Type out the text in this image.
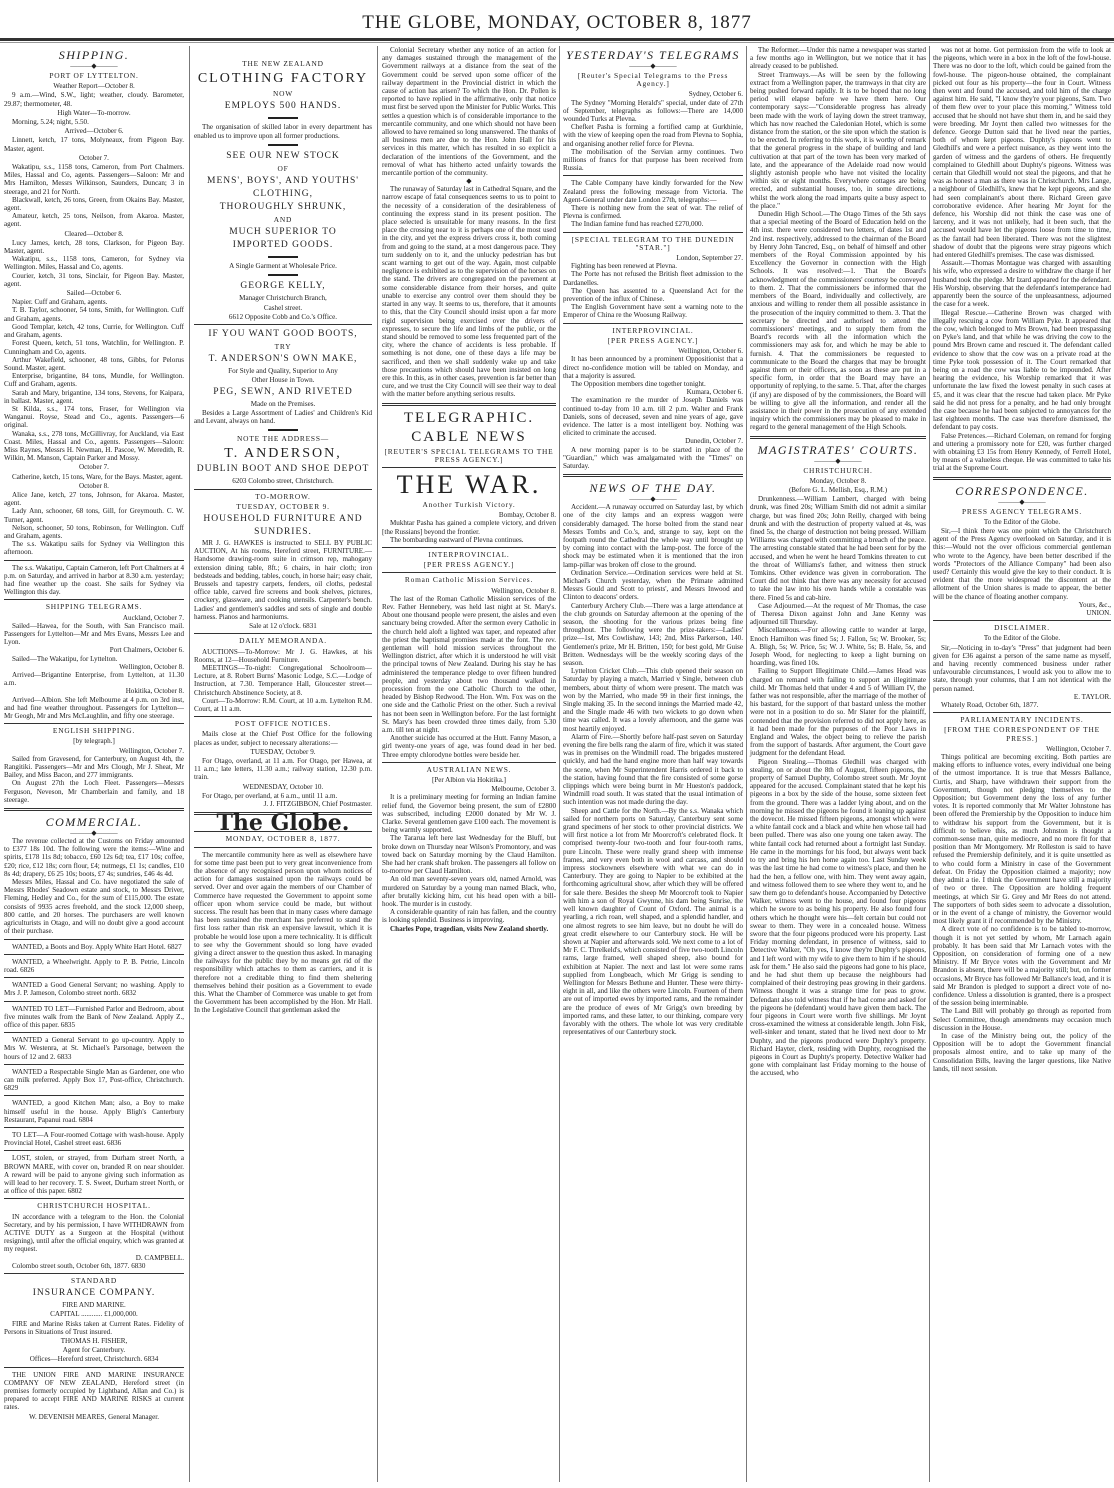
THE GLOBE, MONDAY, OCTOBER 8, 1877
SHIPPING.
———◆———
PORT OF LYTTELTON.
Weather Report—October 8.
9 a.m.—Wind, S.W., light; weather, cloudy. Barometer, 29.87; thermometer, 48.
High Water—To-morrow.
Morning, 5.24; night, 5.50.
Arrived—October 6.
Linnett, ketch, 17 tons, Molyneaux, from Pigeon Bay. Master, agent.
October 7.
Wakatipu, s.s., 1158 tons, Cameron, from Port Chalmers. Miles, Hassal and Co, agents. Passengers—Saloon: Mr and Mrs Hamilton, Messrs Wilkinson, Saunders, Duncan; 3 in steerage, and 21 for North.
Blackwall, ketch, 26 tons, Green, from Okains Bay. Master, agent.
Amateur, ketch, 25 tons, Neilson, from Akaroa. Master, agent.
Cleared—October 8.
Lucy James, ketch, 28 tons, Clarkson, for Pigeon Bay. Master, agent.
Wakatipu, s.s., 1158 tons, Cameron, for Sydney via Wellington. Miles, Hassal and Co, agents.
Courier, ketch, 31 tons, Sinclair, for Pigeon Bay. Master, agent.
Sailed—October 6.
Napier. Cuff and Graham, agents.
T. B. Taylor, schooner, 54 tons, Smith, for Wellington. Cuff and Graham, agents.
Good Templar, ketch, 42 tons, Currie, for Wellington. Cuff and Graham, agents.
Forest Queen, ketch, 51 tons, Watchlin, for Wellington. P. Cunningham and Co, agents.
Arthur Wakefield, schooner, 48 tons, Gibbs, for Pelorus Sound. Master, agent.
Enterprise, brigantine, 84 tons, Mundle, for Wellington. Cuff and Graham, agents.
Sarah and Mary, brigantine, 134 tons, Stevens, for Kaipara, in ballast. Master, agent.
St Kilda, s.s., 174 tons, Fraser, for Wellington via Wanganui. Royse, Stead and Co., agents. Passengers—6 original.
Wanaka, s.s., 278 tons, McGillivray, for Auckland, via East Coast. Miles, Hassal and Co., agents. Passengers—Saloon: Miss Raynes, Messrs H. Newman, H. Pascoe, W. Meredith, R. Wilkin, M. Manson, Captain Parker and Mossy.
October 7.
Catherine, ketch, 15 tons, Ware, for the Bays. Master, agent.
October 8.
Alice Jane, ketch, 27 tons, Johnson, for Akaroa. Master, agent.
Lady Ann, schooner, 68 tons, Gill, for Greymouth. C. W. Turner, agent.
Nelson, schooner, 50 tons, Robinson, for Wellington. Cuff and Graham, agents.
The s.s. Wakatipu sails for Sydney via Wellington this afternoon.
The s.s. Wakatipu, Captain Cameron, left Port Chalmers at 4 p.m. on Saturday, and arrived in harbor at 8.30 a.m. yesterday; had fine weather up the coast. She sails for Sydney via Wellington this day.
SHIPPING TELEGRAMS.
Auckland, October 7.
Sailed—Hawea, for the South, with San Francisco mail. Passengers for Lyttelton—Mr and Mrs Evans, Messrs Lee and Lyon.
Port Chalmers, October 6.
Sailed—The Wakatipu, for Lyttelton.
Wellington, October 8.
Arrived—Brigantine Enterprise, from Lyttelton, at 11.30 a.m.
Hokitika, October 8.
Arrived—Albion. She left Melbourne at 4 p.m. on 3rd inst, and had fine weather throughout. Passengers for Lyttelton—Mr Geogh, Mr and Mrs McLaughlin, and fifty one steerage.
ENGLISH SHIPPING.
[by telegraph.]
Wellington, October 7.
Sailed from Gravesend, for Canterbury, on August 4th, the Rangitiki. Passengers—Mr and Mrs Clough, Mr J. Sheat, Mr Bailey, and Miss Bacon, and 277 immigrants.
On August 27th the Loch Fleet. Passengers—Messrs Ferguson, Neveson, Mr Chamberlain and family, and 18 steerage.
COMMERCIAL.
———◆———
The revenue collected at the Customs on Friday amounted to £377 18s 10d. The following were the items:—Wine and spirits, £178 11s 8d; tobacco, £60 12s 6d; tea, £17 10s; coffee, £20; rice, £12 18s; corn flour, £4; nutmegs, £1 1s; candles, £10 8s 4d; drapery, £6 25 10s; boots, £7 4s; sundries, £46 4s 4d.
Messrs Miles, Hassal and Co. have negotiated the sale of Messrs Rhodes' Seadown estate and stock, to Messrs Driver, Fleming, Hedley and Co., for the sum of £115,000. The estate consists of 9935 acres freehold, and the stock 12,000 sheep, 800 cattle, and 20 horses. The purchasers are well known agriculturists in Otago, and will no doubt give a good account of their purchase.
WANTED, a Boots and Boy. Apply White Hart Hotel. 6827
WANTED, a Wheelwright. Apply to P. B. Petrie, Lincoln road. 6826
WANTED a Good General Servant; no washing. Apply to Mrs J. P. Jameson, Colombo street north. 6832
WANTED TO LET—Furnished Parlor and Bedroom, about five minutes walk from the Bank of New Zealand. Apply Z., office of this paper. 6835
WANTED a General Servant to go up-country. Apply to Mrs W. Westenra, at St. Michael's Parsonage, between the hours of 12 and 2. 6833
WANTED a Respectable Single Man as Gardener, one who can milk preferred. Apply Box 17, Post-office, Christchurch. 6829
WANTED, a good Kitchen Man; also, a Boy to make himself useful in the house. Apply Bligh's Canterbury Restaurant, Papanui road. 6804
TO LET—A Four-roomed Cottage with wash-house. Apply Provincial Hotel, Cashel street east. 6836
LOST, stolen, or strayed, from Durham street North, a BROWN MARE, with cover on, branded R on near shoulder. A reward will be paid to anyone giving such information as will lead to her recovery. T. S. Sweet, Durham street North, or at office of this paper. 6802
CHRISTCHURCH HOSPITAL.
IN accordance with a telegram to the Hon. the Colonial Secretary, and by his permission, I have WITHDRAWN from ACTIVE DUTY as a Surgeon at the Hospital (without resigning), until after the official enquiry, which was granted at my request.
D. CAMPBELL.
Colombo street south, October 6th, 1877. 6830
STANDARD
INSURANCE COMPANY.
FIRE AND MARINE.
CAPITAL ............ £1,000,000.
FIRE and Marine Risks taken at Current Rates. Fidelity of Persons in Situations of Trust insured.
THOMAS H. FISHER,
Agent for Canterbury.
Offices—Hereford street, Christchurch. 6834
THE UNION FIRE AND MARINE INSURANCE COMPANY OF NEW ZEALAND, Hereford street (in premises formerly occupied by Lightband, Allan and Co.) is prepared to accept FIRE AND MARINE RISKS at current rates.
W. DEVENISH MEARES, General Manager.
THE NEW ZEALAND
CLOTHING FACTORY
NOW
EMPLOYS 500 HANDS.
The organisation of skilled labor in every department has enabled us to improve upon all former productions.
SEE OUR NEW STOCK
OF
MENS', BOYS', AND YOUTHS'
CLOTHING,
THOROUGHLY SHRUNK,
AND
MUCH SUPERIOR TO
IMPORTED GOODS.
A Single Garment at Wholesale Price.
GEORGE KELLY,
Manager Christchurch Branch,
Cashel street.
6612 Opposite Cobb and Co.'s Office.
IF YOU WANT GOOD BOOTS,
TRY
T. ANDERSON'S OWN MAKE,
For Style and Quality, Superior to Any
Other House in Town.
PEG, SEWN, AND RIVETED
Made on the Premises.
Besides a Large Assortment of Ladies' and Children's Kid and Levant, always on hand.
NOTE THE ADDRESS—
T. ANDERSON,
DUBLIN BOOT AND SHOE DEPOT
6203 Colombo street, Christchurch.
TO-MORROW.
TUESDAY, OCTOBER 9.
HOUSEHOLD FURNITURE AND SUNDRIES.
MR J. G. HAWKES is instructed to SELL BY PUBLIC AUCTION, At his rooms, Hereford street, FURNITURE.—Handsome drawing-room suite in crimson rep, mahogany extension dining table, 8ft.; 6 chairs, in hair cloth; iron bedsteads and bedding, tables, couch, in horse hair; easy chair, Brussels and tapestry carpets, fenders, oil cloths, pedestal office table, carved fire screens and book shelves, pictures, crockery, glassware, and cooking utensils. Carpenter's bench. Ladies' and gentlemen's saddles and sets of single and double harness. Pianos and harmoniums.
Sale at 12 o'clock. 6831
DAILY MEMORANDA.
AUCTIONS—To-Morrow: Mr J. G. Hawkes, at his Rooms, at 12—Household Furniture.
MEETINGS—To-night: Congregational Schoolroom—Lecture, at 8. Robert Burns' Masonic Lodge, S.C.—Lodge of Instruction, at 7.30. Temperance Hall, Gloucester street—Christchurch Abstinence Society, at 8.
Court—To-Morrow: R.M. Court, at 10 a.m. Lyttelton R.M. Court, at 11 a.m.
POST OFFICE NOTICES.
Mails close at the Chief Post Office for the following places as under, subject to necessary alterations:—
TUESDAY, October 9.
For Otago, overland, at 11 a.m. For Otago, per Hawea, at 11 a.m.; late letters, 11.30 a.m.; railway station, 12.30 p.m. train.
WEDNESDAY, October 10.
For Otago, per overland, at 6 a.m., until 11 a.m.
J. J. FITZGIBBON, Chief Postmaster.
The Globe.
MONDAY, OCTOBER 8, 1877.
The mercantile community here as well as elsewhere have for some time past been put to very great inconvenience from the absence of any recognised person upon whom notices of action for damages sustained upon the railways could be served. Over and over again the members of our Chamber of Commerce have requested the Government to appoint some officer upon whom service could be made, but without success. The result has been that in many cases where damage has been sustained the merchant has preferred to stand the first loss rather than risk an expensive lawsuit, which it is probable he would lose upon a mere technicality. It is difficult to see why the Government should so long have evaded giving a direct answer to the question thus asked. In managing the railways for the public they by no means get rid of the responsibility which attaches to them as carriers, and it is therefore not a creditable thing to find them sheltering themselves behind their position as a Government to evade this. What the Chamber of Commerce was unable to get from the Government has been accomplished by the Hon. Mr Hall. In the Legislative Council that gentleman asked the
Colonial Secretary whether any notice of an action for any damages sustained through the management of the Government railways at a distance from the seat of the Government could be served upon some officer of the railway department in the Provincial district in which the cause of action has arisen? To which the Hon. Dr. Pollen is reported to have replied in the affirmative, only that notice must first be served upon the Minister for Public Works. This settles a question which is of considerable importance to the mercantile community, and one which should not have been allowed to have remained so long unanswered. The thanks of all business men are due to the Hon. John Hall for his services in this matter, which has resulted in so explicit a declaration of the intentions of the Government, and the removal of what has hitherto acted unfairly towards the mercantile portion of the community.
◆
The runaway of Saturday last in Cathedral Square, and the narrow escape of fatal consequences seems to us to point to the necessity of a consideration of the desirableness of continuing the express stand in its present position. The place selected is unsuitable for many reasons. In the first place the crossing near to it is perhaps one of the most used in the city, and yet the express drivers cross it, both coming from and going to the stand, at a most dangerous pace. They turn suddenly on to it, and the unlucky pedestrian has but scant warning to get out of the way. Again, most culpable negligence is exhibited as to the supervision of the horses on the stand. The drivers are congregated on the pavement at some considerable distance from their horses, and quite unable to exercise any control over them should they be started in any way. It seems to us, therefore, that it amounts to this, that the City Council should insist upon a far more rigid supervision being exercised over the drivers of expresses, to secure the life and limbs of the public, or the stand should be removed to some less frequented part of the city, where the chance of accidents is less probable. If something is not done, one of these days a life may be sacrificed, and then we shall suddenly wake up and take those precautions which should have been insisted on long ere this. In this, as in other cases, prevention is far better than cure, and we trust the City Council will see their way to deal with the matter before anything serious results.
TELEGRAPHIC.
CABLE NEWS
[REUTER'S SPECIAL TELEGRAMS TO THE PRESS AGENCY.]
THE WAR.
Another Turkish Victory.
Bombay, October 8.
Mukhtar Pasha has gained a complete victory, and driven [the Russians] beyond the frontier.
The bombarding eastward of Plevna continues.
INTERPROVINCIAL.
[PER PRESS AGENCY.]
Roman Catholic Mission Services.
Wellington, October 8.
The last of the Roman Catholic Mission services of the Rev. Father Hennebery, was held last night at St. Mary's. About one thousand people were present, the aisles and even sanctuary being crowded. After the sermon every Catholic in the church held aloft a lighted wax taper, and repeated after the priest the baptismal promises made at the font. The rev. gentleman will hold mission services throughout the Wellington district, after which it is understood he will visit the principal towns of New Zealand. During his stay he has administered the temperance pledge to over fifteen hundred people, and yesterday about two thousand walked in procession from the one Catholic Church to the other, headed by Bishop Redwood. The Hon. Wm. Fox was on the one side and the Catholic Priest on the other. Such a revival has not been seen in Wellington before. For the last fortnight St. Mary's has been crowded three times daily, from 5.30 a.m. till ten at night.
Another suicide has occurred at the Hutt. Fanny Mason, a girl twenty-one years of age, was found dead in her bed. Three empty chlorodyne bottles were beside her.
AUSTRALIAN NEWS.
[Per Albion via Hokitika.]
Melbourne, October 3.
It is a preliminary meeting for forming an Indian famine relief fund, the Governor being present, the sum of £2800 was subscribed, including £2000 donated by Mr W. J. Clarke. Several gentlemen gave £100 each. The movement is being warmly supported.
The Tararua left here last Wednesday for the Bluff, but broke down on Thursday near Wilson's Promontory, and was towed back on Saturday morning by the Claud Hamilton. She had her crank shaft broken. The passengers all follow on to-morrow per Claud Hamilton.
An old man seventy-seven years old, named Arnold, was murdered on Saturday by a young man named Black, who, after brutally kicking him, cut his head open with a bill-hook. The murder is in custody.
A considerable quantity of rain has fallen, and the country is looking splendid. Business is improving.
Charles Pope, tragedian, visits New Zealand shortly.
YESTERDAY'S TELEGRAMS
———◆———
[Reuter's Special Telegrams to the Press Agency.]
Sydney, October 6.
The Sydney "Morning Herald's" special, under date of 27th of September, telegraphs as follows:—There are 14,000 wounded Turks at Plevna.
Chefket Pasha is forming a fortified camp at Gurkhinie, with the view of keeping open the road from Plevna to Sophia, and organising another relief force for Plevna.
The mobilisation of the Servian army continues. Two millions of francs for that purpose has been received from Russia.
The Cable Company have kindly forwarded for the New Zealand press the following message from Victoria. The Agent-General under date London 27th, telegraphs:—
There is nothing new from the seat of war. The relief of Plevna is confirmed.
The Indian famine fund has reached £270,000.
[SPECIAL TELEGRAM TO THE DUNEDIN "STAR."]
London, September 27.
Fighting has been renewed at Plevna.
The Porte has not refused the British fleet admission to the Dardanelles.
The Queen has assented to a Queensland Act for the prevention of the influx of Chinese.
The English Government have sent a warning note to the Emperor of China re the Woosung Railway.
INTERPROVINCIAL.
[PER PRESS AGENCY.]
Wellington, October 6.
It has been announced by a prominent Oppositionist that a direct no-confidence motion will be tabled on Monday, and that a majority is assured.
The Opposition members dine together tonight.
Kumara, October 6.
The examination re the murder of Joseph Daniels was continued to-day from 10 a.m. till 2 p.m. Walter and Frank Daniels, sons of deceased, seven and nine years of age, gave evidence. The latter is a most intelligent boy. Nothing was elicited to criminate the accused.
Dunedin, October 7.
A new morning paper is to be started in place of the "Guardian," which was amalgamated with the "Times" on Saturday.
NEWS OF THE DAY.
———◆———
Accident.—A runaway occurred on Saturday last, by which one of the city lamps and an express waggon were considerably damaged. The horse bolted from the stand near Messrs Tombs and Co.'s, and, strange to say, kept on the footpath round the Cathedral the whole way until brought up by coming into contact with the lamp-post. The force of the shock may be estimated when it is mentioned that the iron lamp-pillar was broken off close to the ground.
Ordination Service.—Ordination services were held at St. Michael's Church yesterday, when the Primate admitted Messrs Gould and Scott to priests', and Messrs Inwood and Clinton to deacons' orders.
Canterbury Archery Club.—There was a large attendance at the club grounds on Saturday afternoon at the opening of the season, the shooting for the various prizes being fine throughout. The following were the prize-takers:—Ladies' prize—1st, Mrs Cowlishaw, 143; 2nd, Miss Parkerson, 140. Gentlemen's prize, Mr H. Britten, 150; for best gold, Mr Guise Britten. Wednesdays will be the weekly scoring days of the season.
Lyttelton Cricket Club.—This club opened their season on Saturday by playing a match, Married v Single, between club members, about thirty of whom were present. The match was won by the Married, who made 99 in their first innings, the Single making 35. In the second innings the Married made 42, and the Single made 46 with two wickets to go down when time was called. It was a lovely afternoon, and the game was most heartily enjoyed.
Alarm of Fire.—Shortly before half-past seven on Saturday evening the fire bells rang the alarm of fire, which it was stated was in premises on the Windmill road. The brigades mustered quickly, and had the hand engine more than half way towards the scene, when Mr Superintendent Harris ordered it back to the station, having found that the fire consisted of some gorse clippings which were being burnt in Mr Hueston's paddock, Windmill road south. It was stated that the usual intimation of such intention was not made during the day.
Sheep and Cattle for the North.—By the s.s. Wanaka which sailed for northern ports on Saturday, Canterbury sent some grand specimens of her stock to other provincial districts. We will first notice a lot from Mr Moorcroft's celebrated flock. It comprised twenty-four two-tooth and four four-tooth rams, pure Lincoln. These were really grand sheep with immense frames, and very even both in wool and carcass, and should impress stockowners elsewhere with what we can do in Canterbury. They are going to Napier to be exhibited at the forthcoming agricultural show, after which they will be offered for sale there. Besides the sheep Mr Moorcroft took to Napier with him a son of Royal Gwynne, his dam being Sunrise, the well known daughter of Count of Oxford. The animal is a yearling, a rich roan, well shaped, and a splendid handler, and one almost regrets to see him leave, but no doubt he will do great credit elsewhere to our Canterbury stock. He will be shown at Napier and afterwards sold. We next come to a lot of Mr F. C. Threlkeld's, which consisted of five two-tooth Lincoln rams, large framed, well shaped sheep, also bound for exhibition at Napier. The next and last lot were some rams supplied from Longbeach, which Mr Grigg is sending to Wellington for Messrs Bethune and Hunter. These were thirty-eight in all, and like the others were Lincoln. Fourteen of them are out of imported ewes by imported rams, and the remainder are the produce of ewes of Mr Grigg's own breeding by imported rams, and these latter, to our thinking, compare very favorably with the others. The whole lot was very creditable representatives of our Canterbury stock.
The Reformer.—Under this name a newspaper was started a few months ago in Wellington, but we notice that it has already ceased to be published.
Street Tramways.—As will be seen by the following extract from a Wellington paper, the tramways in that city are being pushed forward rapidly. It is to be hoped that no long period will elapse before we have them here. Our contemporary says:—"Considerable progress has already been made with the work of laying down the street tramway, which has now reached the Caledonian Hotel, which is some distance from the station, or the site upon which the station is to be erected. In referring to this work, it is worthy of remark that the general progress in the shape of building and land cultivation at that part of the town has been very marked of late, and the appearance of the Adelaide road now would slightly astonish people who have not visited the locality within six or eight months. Everywhere cottages are being erected, and substantial houses, too, in some directions, whilst the work along the road imparts quite a busy aspect to the place."
Dunedin High School.—The Otago Times of the 5th says that a special meeting of the Board of Education held on the 4th inst. there were considered two letters, of dates 1st and 2nd inst. respectively, addressed to the chairman of the Board by Henry John Tancred, Esq., on behalf of himself and other members of the Royal Commission appointed by his Excellency the Governor in connection with the High Schools. It was resolved:—1. That the Board's acknowledgment of the commissioners' courtesy be conveyed to them. 2. That the commissioners be informed that the members of the Board, individually and collectively, are anxious and willing to render them all possible assistance in the prosecution of the inquiry committed to them. 3. That the secretary be directed and authorised to attend the commissioners' meetings, and to supply them from the Board's records with all the information which the commissioners may ask for, and which he may be able to furnish. 4. That the commissioners be requested to communicate to the Board the charges that may be brought against them or their officers, as soon as these are put in a specific form, in order that the Board may have an opportunity of replying, to the same. 5. That, after the charges (if any) are disposed of by the commissioners, the Board will be willing to give all the information, and render all the assistance in their power in the prosecution of any extended inquiry which the commissioners may be pleased to make in regard to the general management of the High Schools.
MAGISTRATES' COURTS.
———◆———
CHRISTCHURCH.
Monday, October 8.
(Before G. L. Mellish, Esq., R.M.)
Drunkenness.—William Lambert, charged with being drunk, was fined 20s; William Smith did not admit a similar charge, but was fined 20s; John Reilly, charged with being drunk and with the destruction of property valued at 4s, was fined 5s, the charge of destruction not being pressed. William Williams was charged with committing a breach of the peace. The arresting constable stated that he had been sent for by the accused, and when he went he heard Tomkins threaten to cut the throat of Williams's father, and witness then struck Tomkins. Other evidence was given in corroboration. The Court did not think that there was any necessity for accused to take the law into his own hands while a constable was there. Fined 5s and cab-hire.
Case Adjourned.—At the request of Mr Thomas, the case of Theresa Dixon against John and Jane Kenny was adjourned till Thursday.
Miscellaneous.—For allowing cattle to wander at large, Enoch Hamilton was fined 5s; J. Fallon, 5s; W. Brooker, 5s; A. Bligh, 5s; W. Price, 5s; W. J. White, 5s; B. Hale, 5s, and Joseph Wood, for neglecting to keep a light burning on hoarding, was fined 10s.
Failing to Support Illegitimate Child.—James Head was charged on remand with failing to support an illegitimate child. Mr Thomas held that under 4 and 5 of William IV, the father was not responsible, after the marriage of the mother of his bastard, for the support of that bastard unless the mother were not in a position to do so. Mr Slater for the plaintiff, contended that the provision referred to did not apply here, as it had been made for the purposes of the Poor Laws in England and Wales, the object being to relieve the parish from the support of bastards. After argument, the Court gave judgment for the defendant Head.
Pigeon Stealing.—Thomas Gledhill was charged with stealing, on or about the 8th of August, fifteen pigeons, the property of Samuel Duphty, Colombo street south. Mr Joynt appeared for the accused. Complainant stated that he kept his pigeons in a box by the side of the house, some sixteen feet from the ground. There was a ladder lying about, and on the morning he missed the pigeons he found it leaning up against the dovecot. He missed fifteen pigeons, amongst which were a white fantail cock and a black and white hen whose tail had been pulled. There was also one young one taken away. The white fantail cock had returned about a fortnight last Sunday. He came in the mornings for his food, but always went back to try and bring his hen home again too. Last Sunday week was the last time he had come to witness's place, and then he had the hen, a fellow one, with him. They went away again, and witness followed them to see where they went to, and he saw them go to defendant's house. Accompanied by Detective Walker, witness went to the house, and found four pigeons which he swore to as being his property. He also found four others which he thought were his—felt certain but could not swear to them. They were in a concealed house. Witness swore that the four pigeons produced were his property. Last Friday morning defendant, in presence of witness, said to Detective Walker, "Oh yes, I know they're Duphty's pigeons, and I left word with my wife to give them to him if he should ask for them." He also said the pigeons had gone to his place, and he had shut them up because the neighbours had complained of their destroying peas growing in their gardens. Witness thought it was a strange time for peas to grow. Defendant also told witness that if he had come and asked for the pigeons he (defendant) would have given them back. The four pigeons in Court were worth five shillings. Mr Joynt cross-examined the witness at considerable length. John Fisk, well-sinker and tenant, stated that he lived next door to Mr Duphty, and the pigeons produced were Duphty's property. Richard Hayter, clerk, residing with Duphty, recognised the pigeons in Court as Duphty's property. Detective Walker had gone with complainant last Friday morning to the house of the accused, who
was not at home. Got permission from the wife to look at the pigeons, which were in a box in the loft of the fowl-house. There was no door to the loft, which could be gained from the fowl-house. The pigeon-house obtained, the complainant picked out four as his property—the four in Court. Witness then went and found the accused, and told him of the charge against him. He said, "I know they're your pigeons, Sam. Two of them flew over to your place this morning." Witness told accused that he should not have shut them in, and he said they were breeding. Mr Joynt then called two witnesses for the defence. George Dutton said that he lived near the parties, both of whom kept pigeons. Duphty's pigeons went to Gledhill's and were a perfect nuisance, as they went into the garden of witness and the gardens of others. He frequently complained to Gledhill about Duphty's pigeons. Witness was certain that Gledhill would not steal the pigeons, and that he was as honest a man as there was in Christchurch. Mrs Lange, a neighbour of Gledhill's, knew that he kept pigeons, and she had seen complainant's about there. Richard Green gave corroborative evidence. After hearing Mr Joynt for the defence, his Worship did not think the case was one of larceny, and it was not unlikely, had it been such, that the accused would have let the pigeons loose from time to time, as the fantail had been liberated. There was not the slightest shadow of doubt that the pigeons were stray pigeons which had entered Gledhill's premises. The case was dismissed.
Assault.—Thomas Montague was charged with assaulting his wife, who expressed a desire to withdraw the charge if her husband took the pledge. Mr Izard appeared for the defendant. His Worship, observing that the defendant's intemperance had apparently been the source of the unpleasantness, adjourned the case for a week.
Illegal Rescue.—Catherine Brown was charged with illegally rescuing a cow from William Pyke. It appeared that the cow, which belonged to Mrs Brown, had been trespassing on Pyke's land, and that while he was driving the cow to the pound Mrs Brown came and rescued it. The defendant called evidence to show that the cow was on a private road at the time Pyke took possession of it. The Court remarked that being on a road the cow was liable to be impounded. After hearing the evidence, his Worship remarked that it was unfortunate the law fixed the lowest penalty in such cases at £5, and it was clear that the rescue had taken place. Mr Pyke said he did not press for a penalty, and he had only brought the case because he had been subjected to annoyances for the last eighteen months. The case was therefore dismissed, the defendant to pay costs.
False Pretences.—Richard Coleman, on remand for forging and uttering a promissory note for £20, was further charged with obtaining £3 15s from Henry Kennedy, of Ferrell Hotel, by means of a valueless cheque. He was committed to take his trial at the Supreme Court.
CORRESPONDENCE.
———◆———
PRESS AGENCY TELEGRAMS.
To the Editor of the Globe.
Sir,—I think there was one point which the Christchurch agent of the Press Agency overlooked on Saturday, and it is this:—Would not the over officious commercial gentleman who wrote to the Agency, have been better described if the words "Protectors of the Alliance Company" had been also used? Certainly this would give the key to their conduct. It is evident that the more widespread the discontent at the allotment of the Union shares is made to appear, the better will be the chance of floating another company.
Yours, &c.,
UNION.
DISCLAIMER.
To the Editor of the Globe.
Sir,—Noticing in to-day's "Press" that judgment had been given for £36 against a person of the same name as myself, and having recently commenced business under rather unfavourable circumstances, I would ask you to allow me to state, through your columns, that I am not identical with the person named.
E. TAYLOR.
Whately Road, October 6th, 1877.
PARLIAMENTARY INCIDENTS.
[FROM THE CORRESPONDENT OF THE PRESS.]
Wellington, October 7.
Things political are becoming exciting. Both parties are making efforts to influence votes, every individual one being of the utmost importance. It is true that Messrs Ballance, Curtis, and Sharp, have withdrawn their support from the Government, though not pledging themselves to the Opposition; but Government deny the loss of any further votes. It is reported commonly that Mr Walter Johnstone has been offered the Premiership by the Opposition to induce him to withdraw his support from the Government, but it is difficult to believe this, as much Johnston is thought a common-sense man, quite mediocre, and no more fit for that position than Mr Montgomery. Mr Rolleston is said to have refused the Premiership definitely, and it is quite unsettled as to who could form a Ministry in case of the Government defeat. On Friday the Opposition claimed a majority; now they admit a tie. I think the Government have still a majority of two or three. The Opposition are holding frequent meetings, at which Sir G. Grey and Mr Rees do not attend. The supporters of both sides seem to advocate a dissolution, or in the event of a change of ministry, the Governor would most likely grant it if recommended by the Ministry.
A direct vote of no confidence is to be tabled to-morrow, though it is not yet settled by whom, Mr Larnach again probably. It has been said that Mr Larnach votes with the Opposition, on consideration of forming one of a new Ministry. If Mr Bryce votes with the Government and Mr Brandon is absent, there will be a majority still; but, on former occasions, Mr Bryce has followed Mr Ballance's lead, and it is said Mr Brandon is pledged to support a direct vote of no-confidence. Unless a dissolution is granted, there is a prospect of the session being interminable.
The Land Bill will probably go through as reported from Select Committee, though amendments may occasion much discussion in the House.
In case of the Ministry being out, the policy of the Opposition will be to adopt the Government financial proposals almost entire, and to take up many of the Consolidation Bills, leaving the larger questions, like Native lands, till next session.
